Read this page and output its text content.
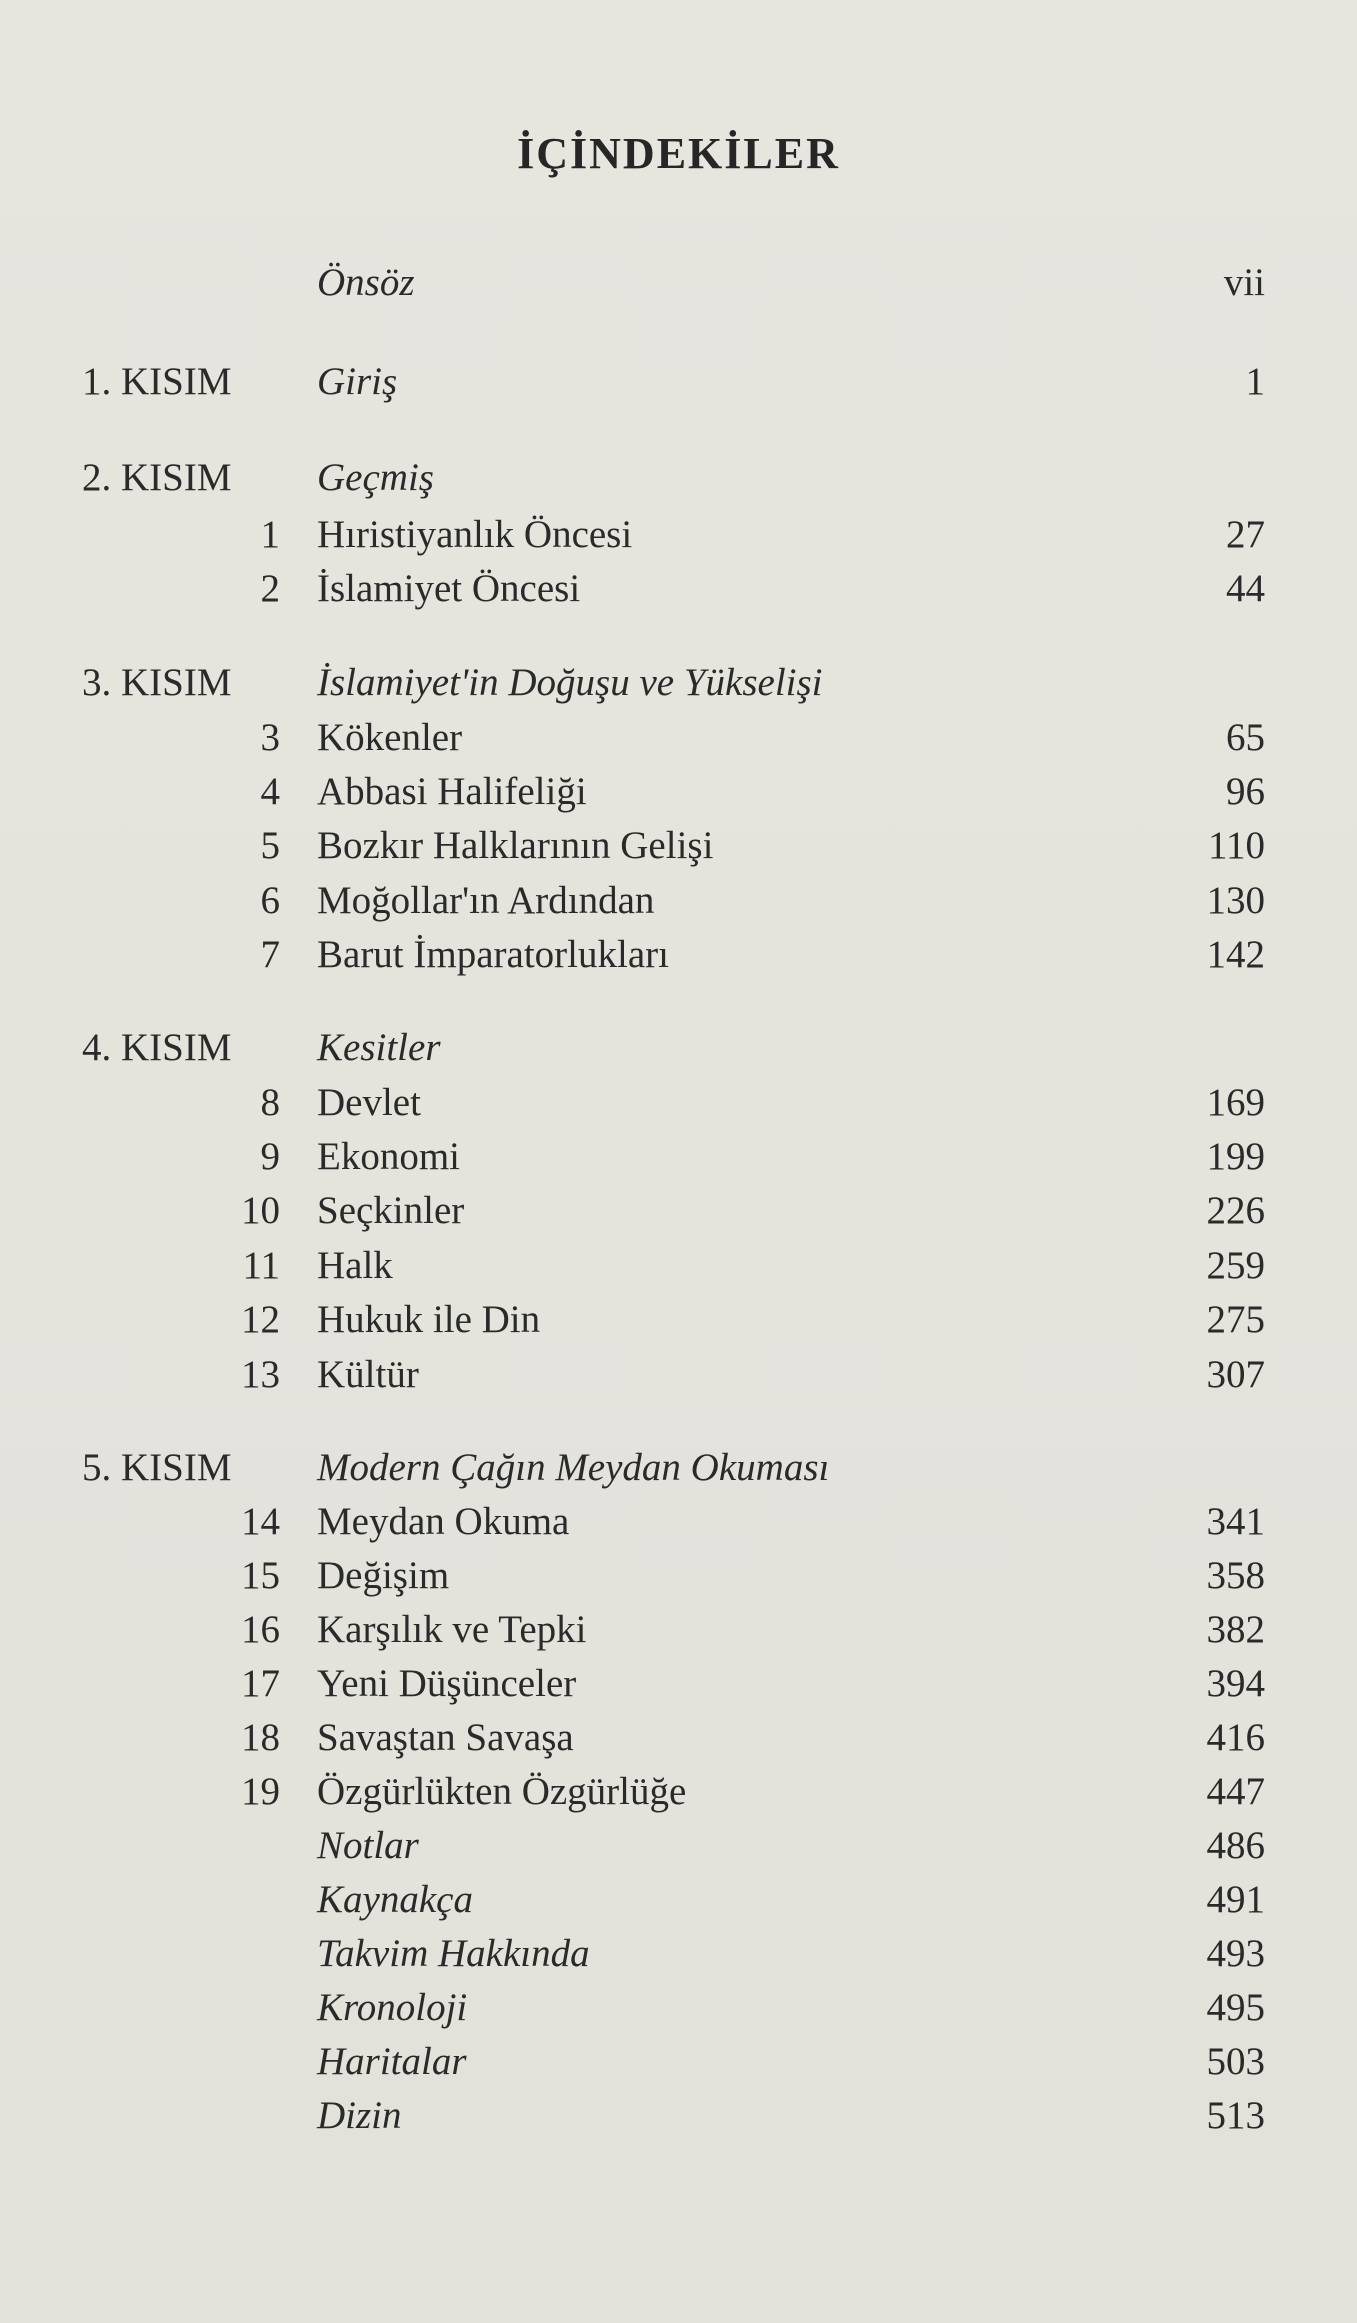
İÇİNDEKİLER
Önsöz	vii
1. KISIM Giriş	1
2. KISIM Geçmiş
1 Hıristiyanlık Öncesi	27
2 İslamiyet Öncesi	44
3. KISIM İslamiyet'in Doğuşu ve Yükselişi
3 Kökenler	65
4 Abbasi Halifeliği	96
5 Bozkır Halklarının Gelişi	110
6 Moğollar'ın Ardından	130
7 Barut İmparatorlukları	142
4. KISIM Kesitler
8 Devlet	169
9 Ekonomi	199
10 Seçkinler	226
11 Halk	259
12 Hukuk ile Din	275
13 Kültür	307
5. KISIM Modern Çağın Meydan Okuması
14 Meydan Okuma	341
15 Değişim	358
16 Karşılık ve Tepki	382
17 Yeni Düşünceler	394
18 Savaştan Savaşa	416
19 Özgürlükten Özgürlüğe	447
Notlar	486
Kaynakça	491
Takvim Hakkında	493
Kronoloji	495
Haritalar	503
Dizin	513
